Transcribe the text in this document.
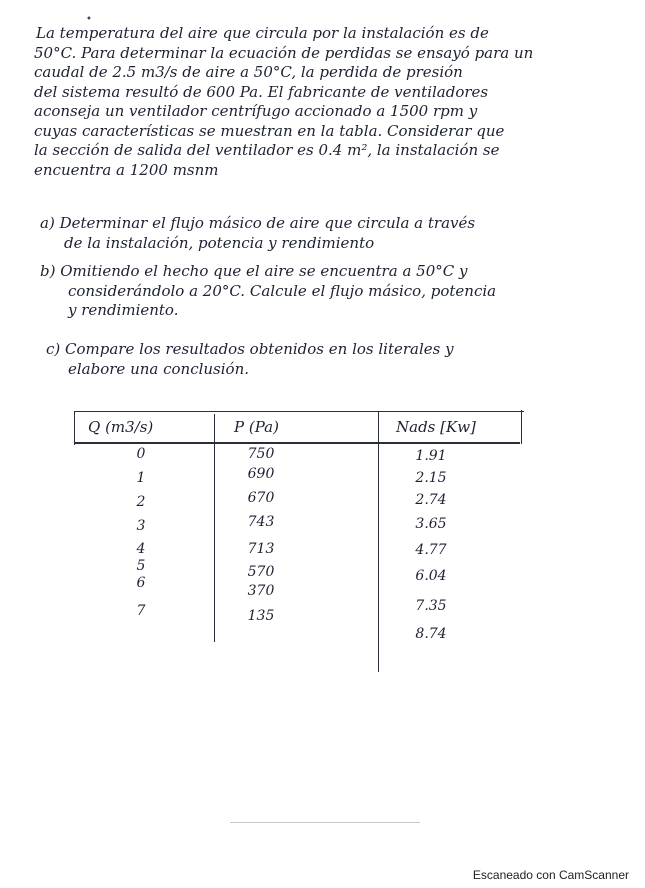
•
La temperatura del aire que circula por la instalación es de
50°C. Para determinar la ecuación de perdidas se ensayó para un
caudal de 2.5 m3/s de aire a 50°C, la perdida de presión
del sistema resultó de 600 Pa. El fabricante de ventiladores
aconseja un ventilador centrífugo accionado a 1500 rpm y
cuyas características se muestran en la tabla. Considerar que
la sección de salida del ventilador es 0.4 m², la instalación se
encuentra a 1200 msnm
a) Determinar el flujo másico de aire que circula a través
de la instalación, potencia y rendimiento
b) Omitiendo el hecho que el aire se encuentra a 50°C y
considerándolo a 20°C. Calcule el flujo másico, potencia
y rendimiento.
c) Compare los resultados obtenidos en los literales y
elabore una conclusión.
Q (m3/s)	P (Pa)	Nads [Kw]
0
1
2
3
4
5
6
7
750
690
670
743
713
570
370
135
1.91
2.15
2.74
3.65
4.77
6.04
7.35
8.74
Escaneado con CamScanner
